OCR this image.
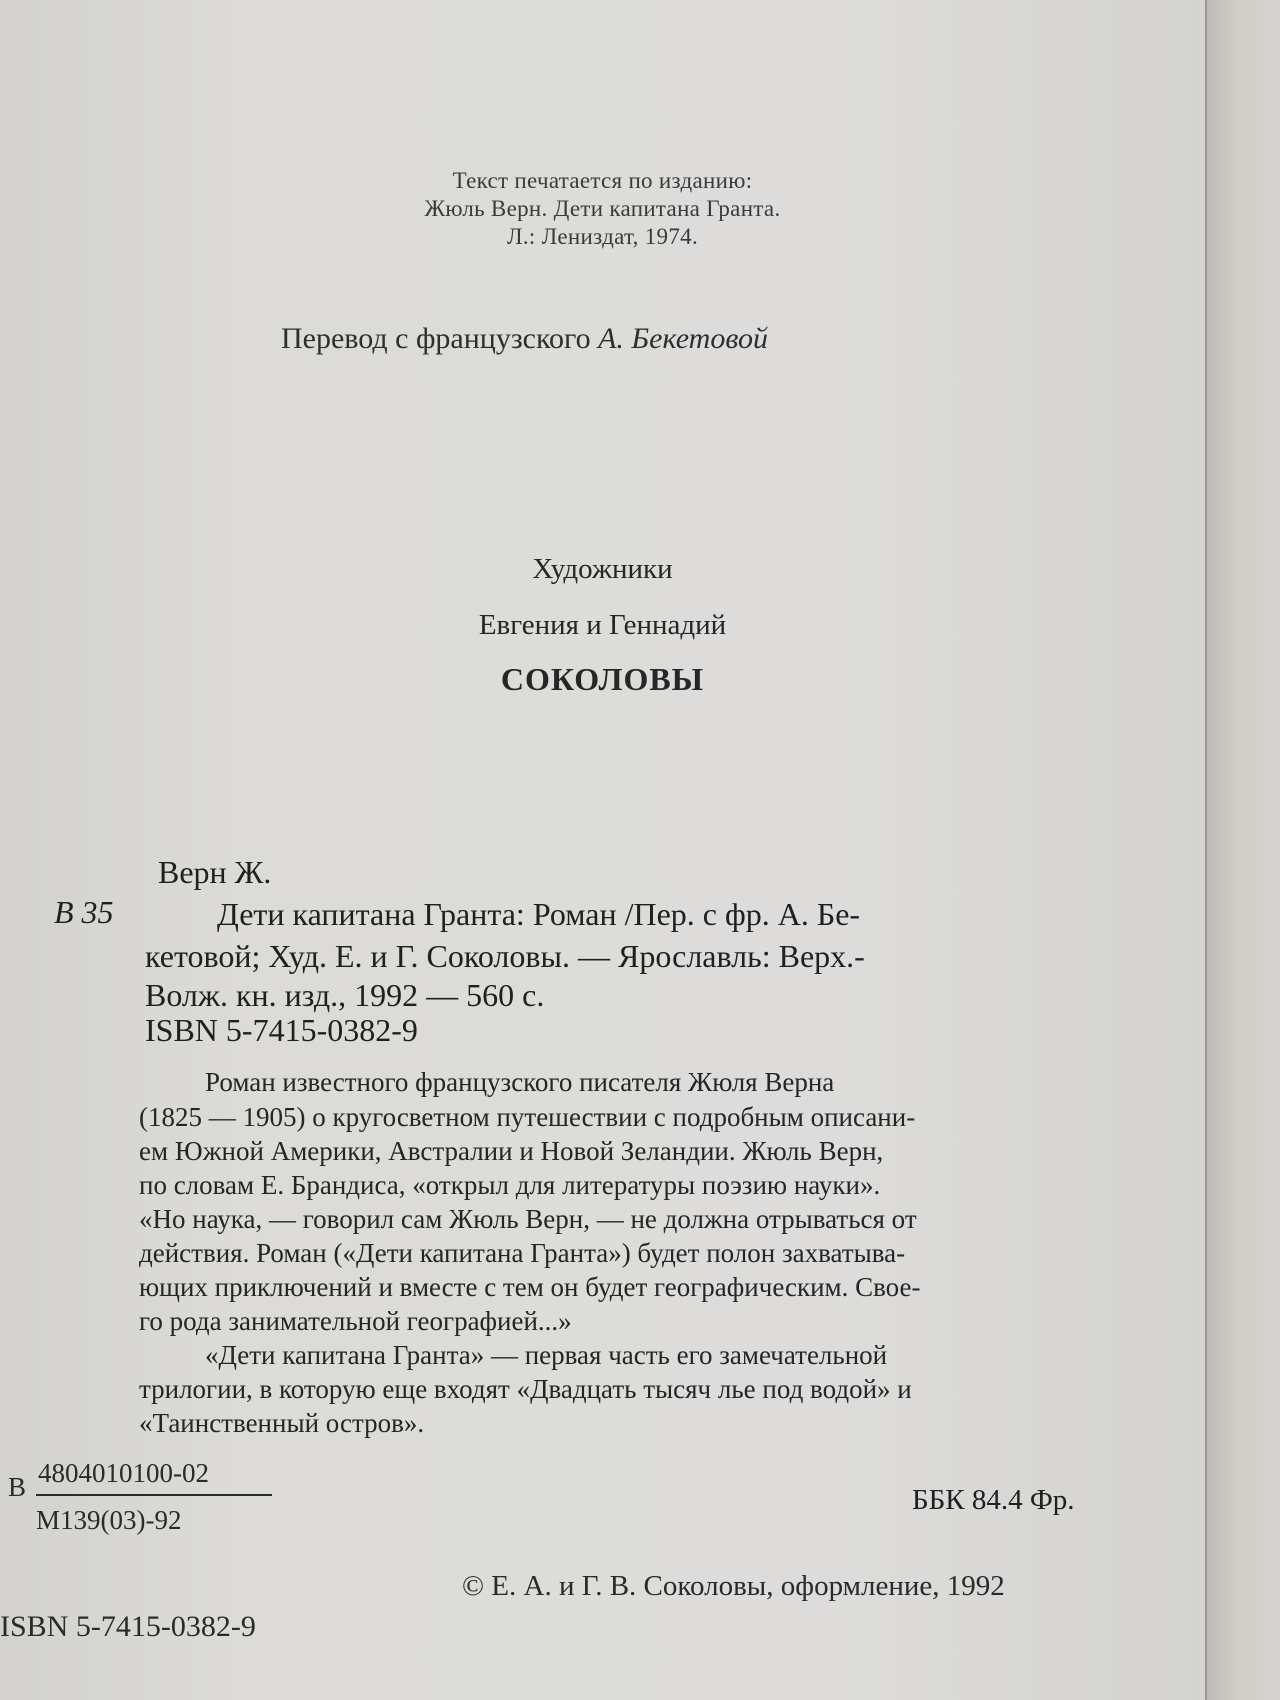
Текст печатается по изданию:
Жюль Верн. Дети капитана Гранта.
Л.: Лениздат, 1974.
Перевод с французского А. Бекетовой
Художники
Евгения и Геннадий
СОКОЛОВЫ
Верн Ж.
В 35	Дети капитана Гранта: Роман /Пер. с фр. А. Бе-
кетовой; Худ. Е. и Г. Соколовы. — Ярославль: Верх.-
Волж. кн. изд., 1992 — 560 с.
ISBN 5-7415-0382-9
Роман известного французского писателя Жюля Верна
(1825 — 1905) о кругосветном путешествии с подробным описани-
ем Южной Америки, Австралии и Новой Зеландии. Жюль Верн,
по словам Е. Брандиса, «открыл для литературы поэзию науки».
«Но наука, — говорил сам Жюль Верн, — не должна отрываться от
действия. Роман («Дети капитана Гранта») будет полон захватыва-
ющих приключений и вместе с тем он будет географическим. Свое-
го рода занимательной географией...»
«Дети капитана Гранта» — первая часть его замечательной
трилогии, в которую еще входят «Двадцать тысяч лье под водой» и
«Таинственный остров».
В 4804010100-02
М139(03)-92
ББК 84.4 Фр.
© Е. А. и Г. В. Соколовы, оформление, 1992
ISBN 5-7415-0382-9
